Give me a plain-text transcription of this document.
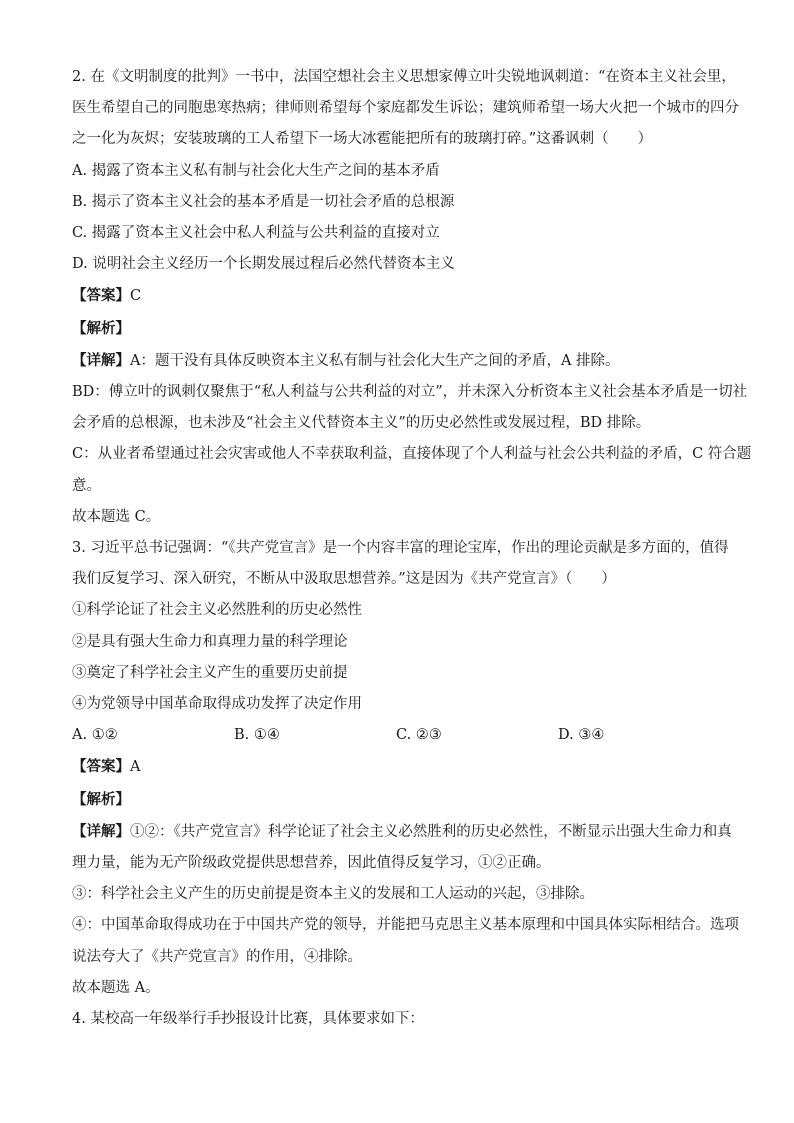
2. 在《文明制度的批判》一书中，法国空想社会主义思想家傅立叶尖锐地讽刺道：“在资本主义社会里，
医生希望自己的同胞患寒热病；律师则希望每个家庭都发生诉讼；建筑师希望一场大火把一个城市的四分
之一化为灰烬；安装玻璃的工人希望下一场大冰雹能把所有的玻璃打碎。”这番讽刺（　　）
A. 揭露了资本主义私有制与社会化大生产之间的基本矛盾
B. 揭示了资本主义社会的基本矛盾是一切社会矛盾的总根源
C. 揭露了资本主义社会中私人利益与公共利益的直接对立
D. 说明社会主义经历一个长期发展过程后必然代替资本主义
【答案】C
【解析】
【详解】A：题干没有具体反映资本主义私有制与社会化大生产之间的矛盾，A 排除。
BD：傅立叶的讽刺仅聚焦于“私人利益与公共利益的对立”，并未深入分析资本主义社会基本矛盾是一切社
会矛盾的总根源，也未涉及“社会主义代替资本主义”的历史必然性或发展过程，BD 排除。
C：从业者希望通过社会灾害或他人不幸获取利益，直接体现了个人利益与社会公共利益的矛盾，C 符合题
意。
故本题选 C。
3. 习近平总书记强调：“《共产党宣言》是一个内容丰富的理论宝库，作出的理论贡献是多方面的，值得
我们反复学习、深入研究，不断从中汲取思想营养。”这是因为《共产党宣言》（　　）
①科学论证了社会主义必然胜利的历史必然性
②是具有强大生命力和真理力量的科学理论
③奠定了科学社会主义产生的重要历史前提
④为党领导中国革命取得成功发挥了决定作用
A. ①②	B. ①④	C. ②③	D. ③④
【答案】A
【解析】
【详解】①②：《共产党宣言》科学论证了社会主义必然胜利的历史必然性，不断显示出强大生命力和真
理力量，能为无产阶级政党提供思想营养，因此值得反复学习，①②正确。
③：科学社会主义产生的历史前提是资本主义的发展和工人运动的兴起，③排除。
④：中国革命取得成功在于中国共产党的领导，并能把马克思主义基本原理和中国具体实际相结合。选项
说法夸大了《共产党宣言》的作用，④排除。
故本题选 A。
4. 某校高一年级举行手抄报设计比赛，具体要求如下：
